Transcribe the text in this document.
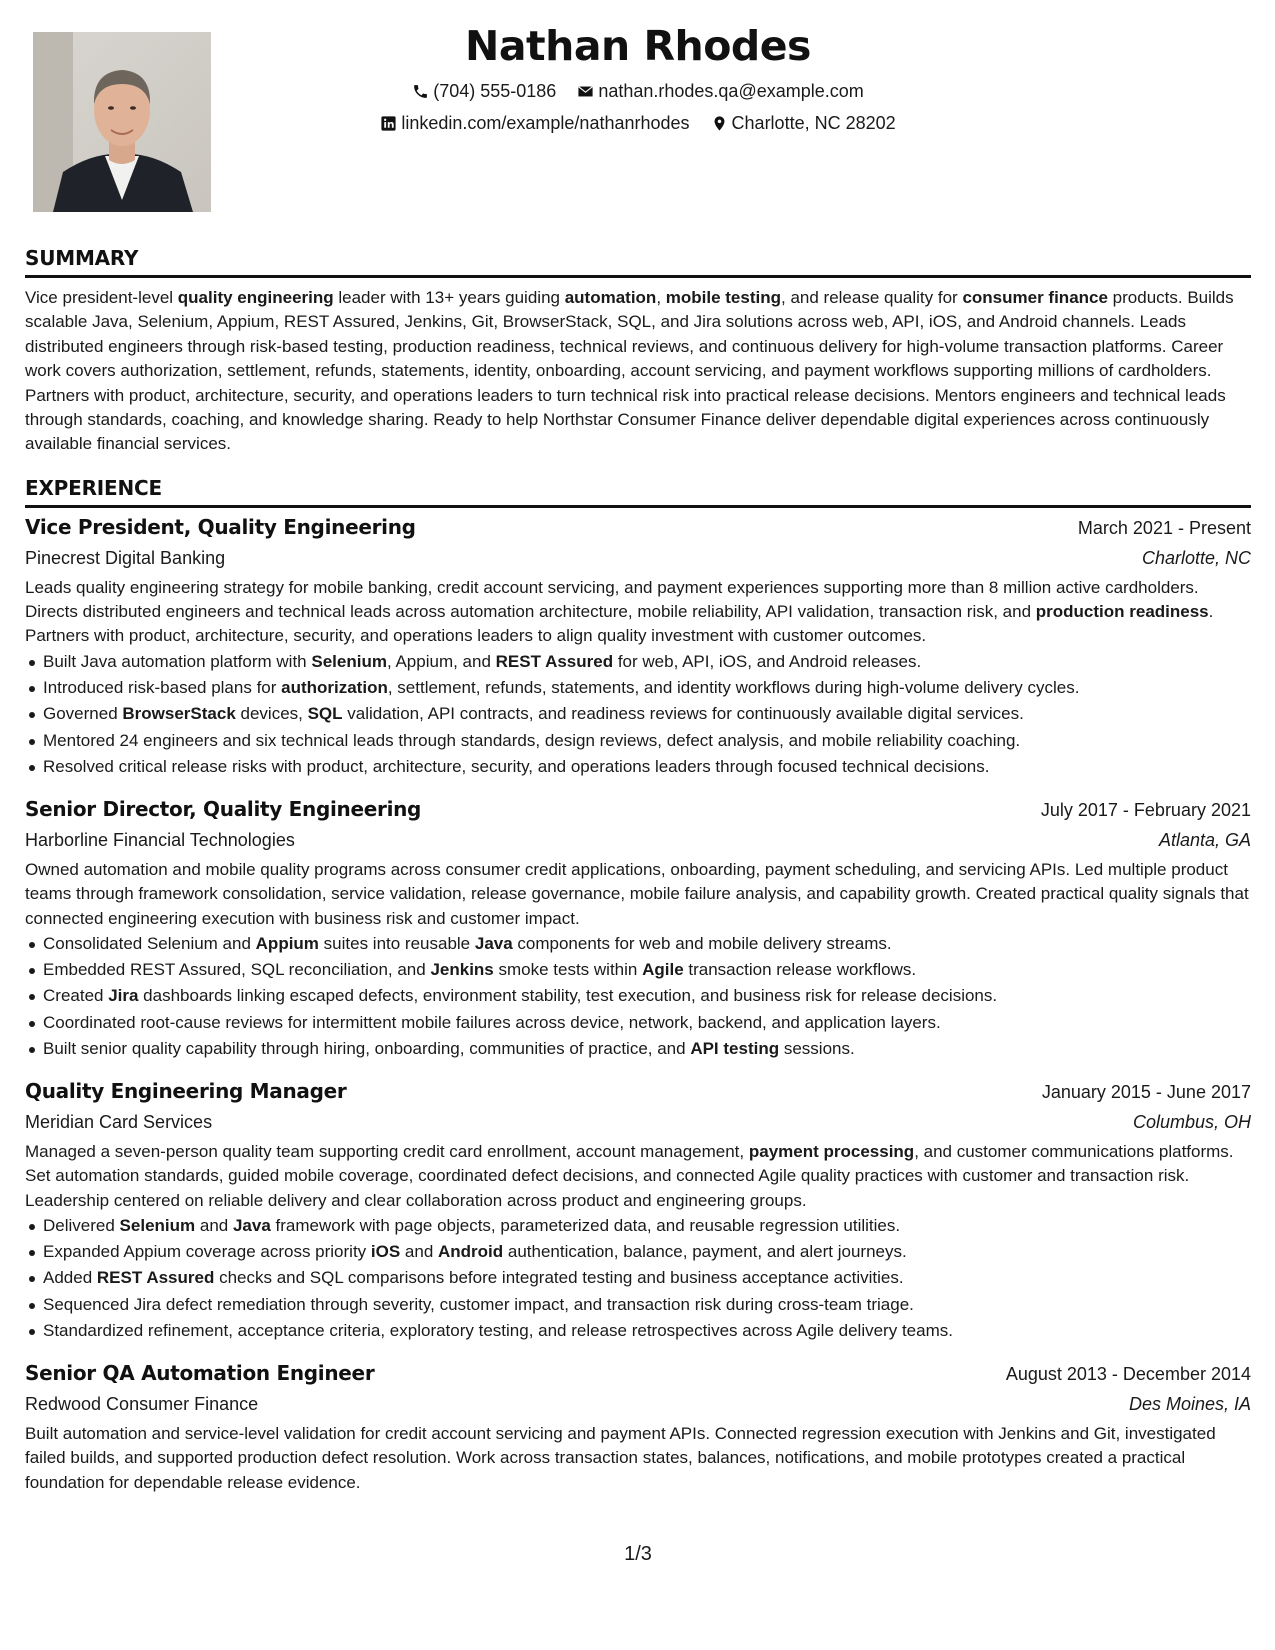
Nathan Rhodes
(704) 555-0186
nathan.rhodes.qa@example.com
linkedin.com/example/nathanrhodes
Charlotte, NC 28202
SUMMARY
Vice president-level quality engineering leader with 13+ years guiding automation, mobile testing, and release quality for consumer finance products. Builds scalable Java, Selenium, Appium, REST Assured, Jenkins, Git, BrowserStack, SQL, and Jira solutions across web, API, iOS, and Android channels. Leads distributed engineers through risk-based testing, production readiness, technical reviews, and continuous delivery for high-volume transaction platforms. Career work covers authorization, settlement, refunds, statements, identity, onboarding, account servicing, and payment workflows supporting millions of cardholders. Partners with product, architecture, security, and operations leaders to turn technical risk into practical release decisions. Mentors engineers and technical leads through standards, coaching, and knowledge sharing. Ready to help Northstar Consumer Finance deliver dependable digital experiences across continuously available financial services.
EXPERIENCE
Vice President, Quality Engineering	March 2021 - Present
Pinecrest Digital Banking	Charlotte, NC
Leads quality engineering strategy for mobile banking, credit account servicing, and payment experiences supporting more than 8 million active cardholders. Directs distributed engineers and technical leads across automation architecture, mobile reliability, API validation, transaction risk, and production readiness. Partners with product, architecture, security, and operations leaders to align quality investment with customer outcomes.
Built Java automation platform with Selenium, Appium, and REST Assured for web, API, iOS, and Android releases.
Introduced risk-based plans for authorization, settlement, refunds, statements, and identity workflows during high-volume delivery cycles.
Governed BrowserStack devices, SQL validation, API contracts, and readiness reviews for continuously available digital services.
Mentored 24 engineers and six technical leads through standards, design reviews, defect analysis, and mobile reliability coaching.
Resolved critical release risks with product, architecture, security, and operations leaders through focused technical decisions.
Senior Director, Quality Engineering	July 2017 - February 2021
Harborline Financial Technologies	Atlanta, GA
Owned automation and mobile quality programs across consumer credit applications, onboarding, payment scheduling, and servicing APIs. Led multiple product teams through framework consolidation, service validation, release governance, mobile failure analysis, and capability growth. Created practical quality signals that connected engineering execution with business risk and customer impact.
Consolidated Selenium and Appium suites into reusable Java components for web and mobile delivery streams.
Embedded REST Assured, SQL reconciliation, and Jenkins smoke tests within Agile transaction release workflows.
Created Jira dashboards linking escaped defects, environment stability, test execution, and business risk for release decisions.
Coordinated root-cause reviews for intermittent mobile failures across device, network, backend, and application layers.
Built senior quality capability through hiring, onboarding, communities of practice, and API testing sessions.
Quality Engineering Manager	January 2015 - June 2017
Meridian Card Services	Columbus, OH
Managed a seven-person quality team supporting credit card enrollment, account management, payment processing, and customer communications platforms. Set automation standards, guided mobile coverage, coordinated defect decisions, and connected Agile quality practices with customer and transaction risk. Leadership centered on reliable delivery and clear collaboration across product and engineering groups.
Delivered Selenium and Java framework with page objects, parameterized data, and reusable regression utilities.
Expanded Appium coverage across priority iOS and Android authentication, balance, payment, and alert journeys.
Added REST Assured checks and SQL comparisons before integrated testing and business acceptance activities.
Sequenced Jira defect remediation through severity, customer impact, and transaction risk during cross-team triage.
Standardized refinement, acceptance criteria, exploratory testing, and release retrospectives across Agile delivery teams.
Senior QA Automation Engineer	August 2013 - December 2014
Redwood Consumer Finance	Des Moines, IA
Built automation and service-level validation for credit account servicing and payment APIs. Connected regression execution with Jenkins and Git, investigated failed builds, and supported production defect resolution. Work across transaction states, balances, notifications, and mobile prototypes created a practical foundation for dependable release evidence.
1/3
